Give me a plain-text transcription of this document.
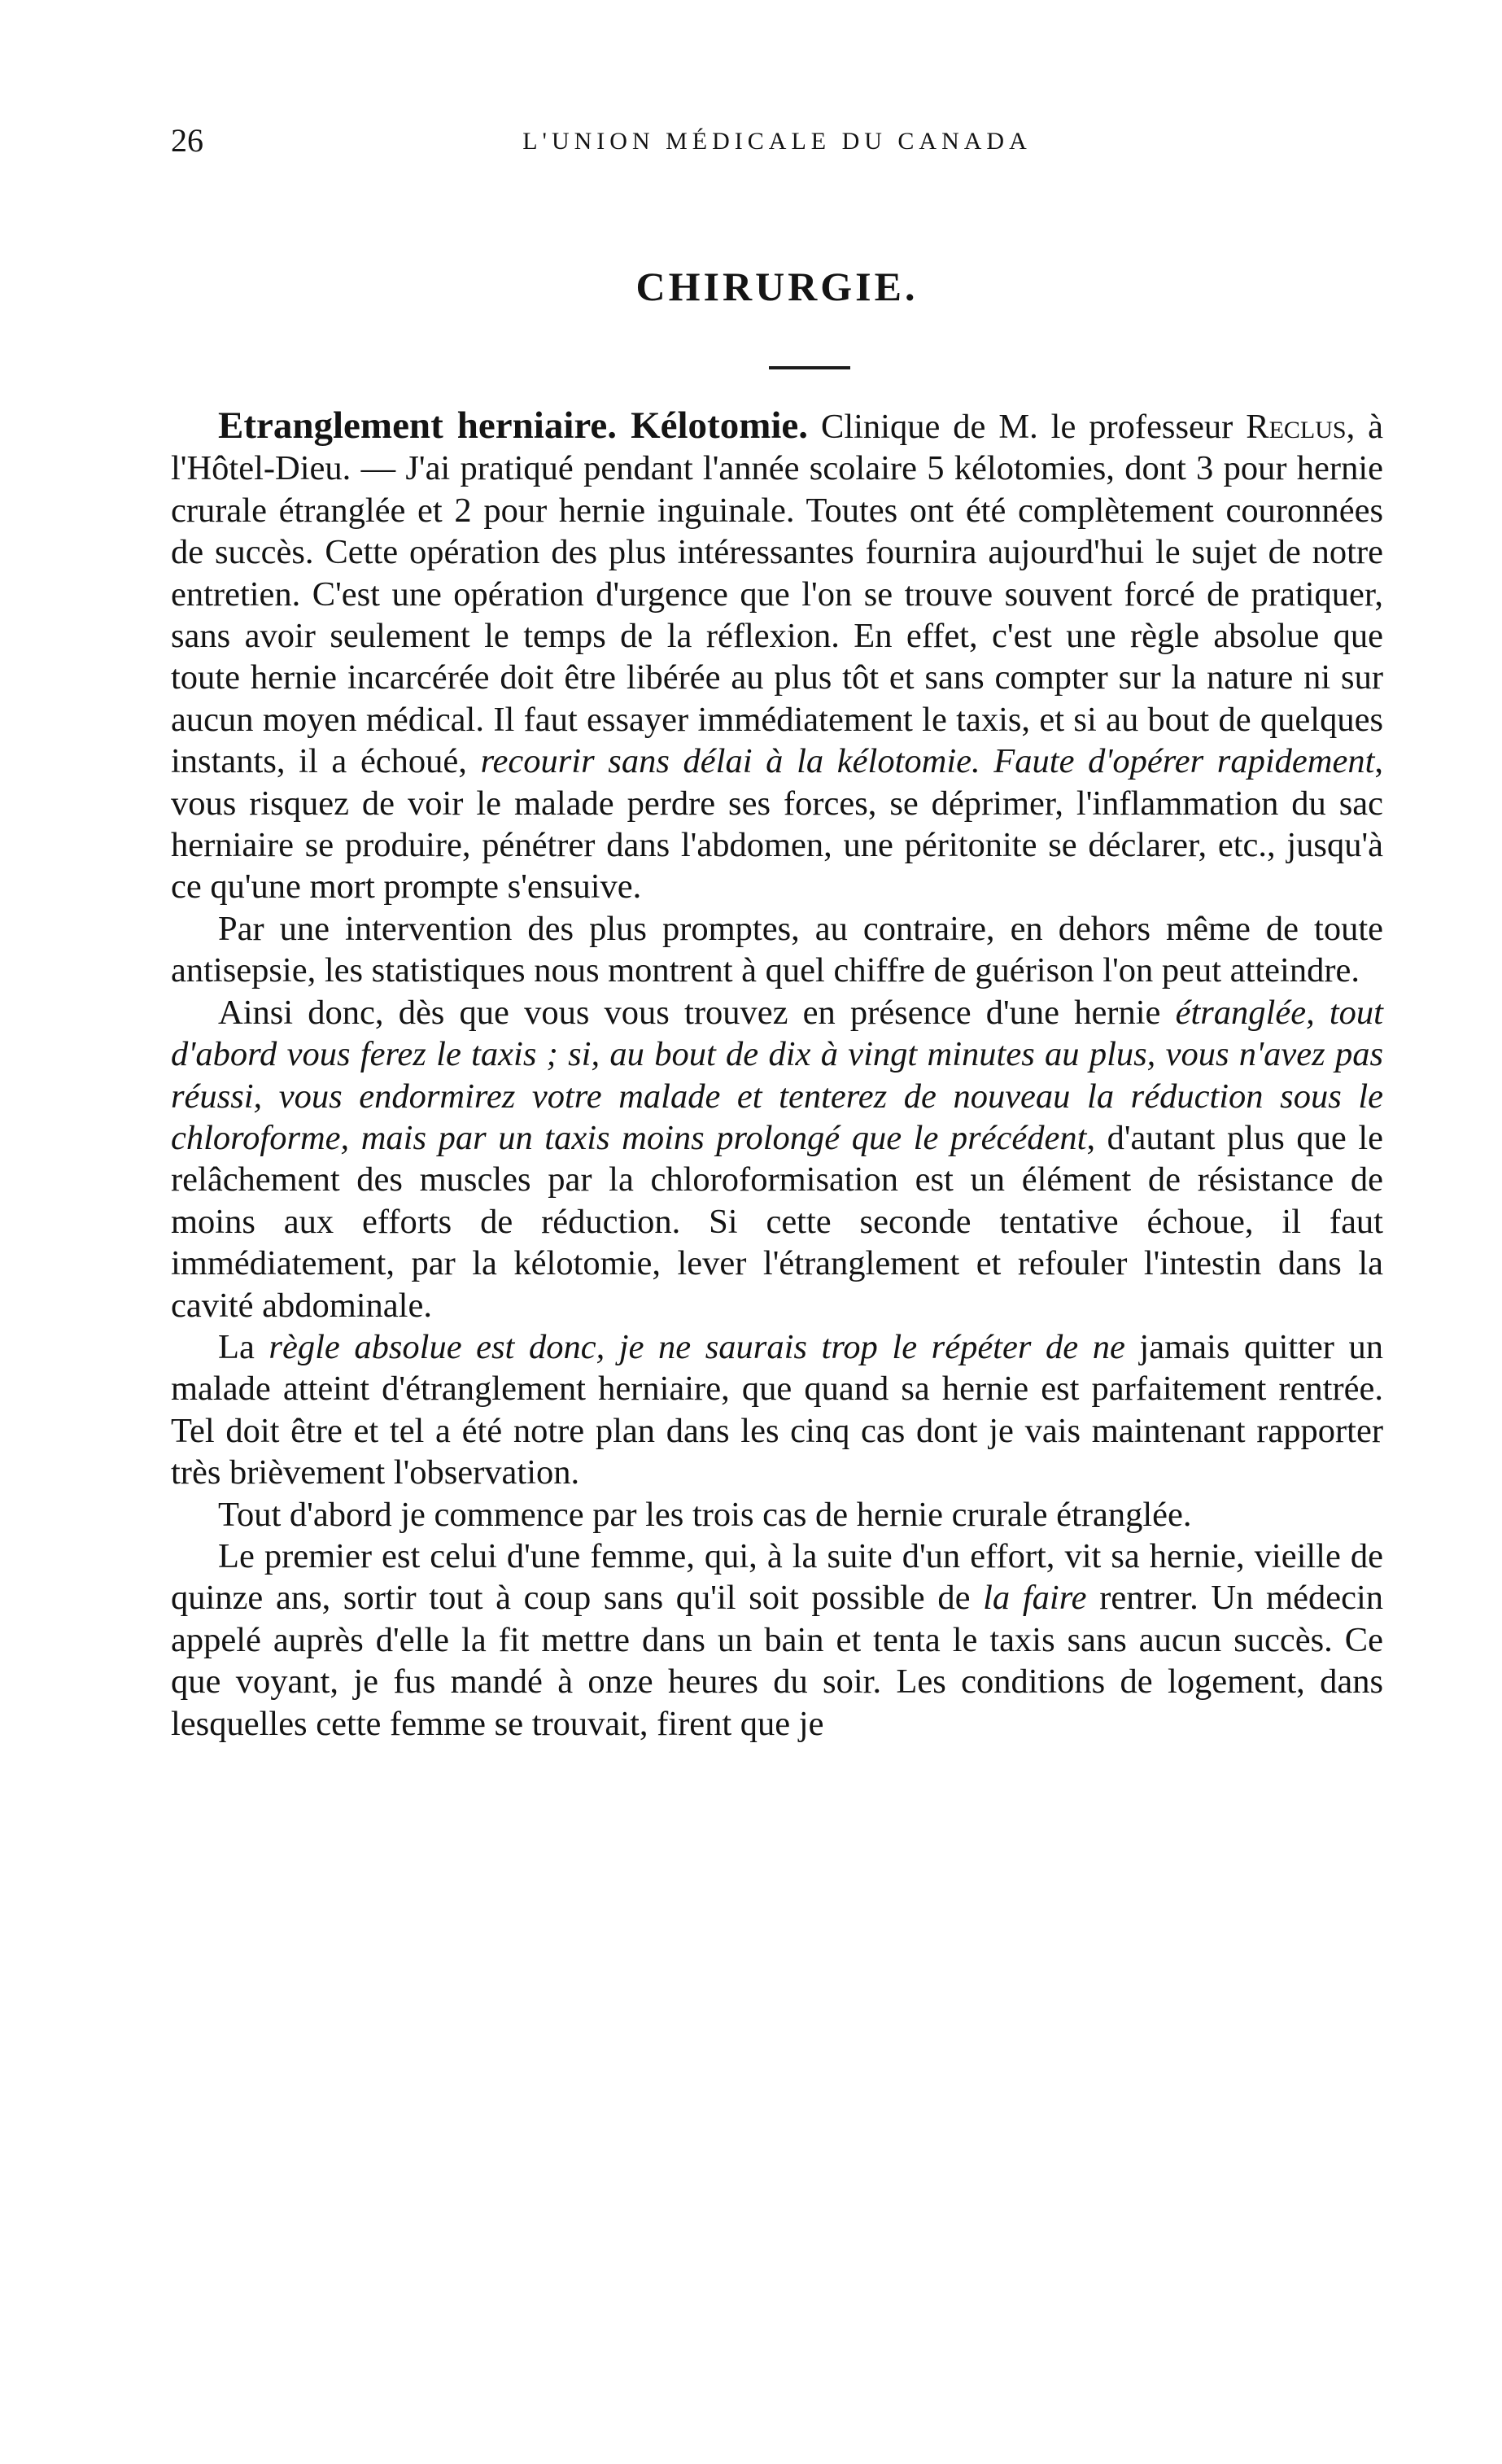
26	L'UNION MÉDICALE DU CANADA
CHIRURGIE.

Etranglement herniaire. Kélotomie. Clinique de M. le professeur Reclus, à l'Hôtel-Dieu. — J'ai pratiqué pendant l'année scolaire 5 kélotomies, dont 3 pour hernie crurale étranglée et 2 pour hernie inguinale. Toutes ont été complètement couronnées de succès. Cette opération des plus intéressantes fournira aujourd'hui le sujet de notre entretien. C'est une opération d'urgence que l'on se trouve souvent forcé de pratiquer, sans avoir seulement le temps de la réflexion. En effet, c'est une règle absolue que toute hernie incarcérée doit être libérée au plus tôt et sans compter sur la nature ni sur aucun moyen médical. Il faut essayer immédiatement le taxis, et si au bout de quelques instants, il a échoué, recourir sans délai à la kélotomie. Faute d'opérer rapidement, vous risquez de voir le malade perdre ses forces, se déprimer, l'inflammation du sac herniaire se produire, pénétrer dans l'abdomen, une péritonite se déclarer, etc., jusqu'à ce qu'une mort prompte s'ensuive.

Par une intervention des plus promptes, au contraire, en dehors même de toute antisepsie, les statistiques nous montrent à quel chiffre de guérison l'on peut atteindre.

Ainsi donc, dès que vous vous trouvez en présence d'une hernie étranglée, tout d'abord vous ferez le taxis ; si, au bout de dix à vingt minutes au plus, vous n'avez pas réussi, vous endormirez votre malade et tenterez de nouveau la réduction sous le chloroforme, mais par un taxis moins prolongé que le précédent, d'autant plus que le relâchement des muscles par la chloroformisation est un élément de résistance de moins aux efforts de réduction. Si cette seconde tentative échoue, il faut immédiatement, par la kélotomie, lever l'étranglement et refouler l'intestin dans la cavité abdominale.

La règle absolue est donc, je ne saurais trop le répéter de ne jamais quitter un malade atteint d'étranglement herniaire, que quand sa hernie est parfaitement rentrée. Tel doit être et tel a été notre plan dans les cinq cas dont je vais maintenant rapporter très brièvement l'observation.

Tout d'abord je commence par les trois cas de hernie crurale étranglée.

Le premier est celui d'une femme, qui, à la suite d'un effort, vit sa hernie, vieille de quinze ans, sortir tout à coup sans qu'il soit possible de la faire rentrer. Un médecin appelé auprès d'elle la fit mettre dans un bain et tenta le taxis sans aucun succès. Ce que voyant, je fus mandé à onze heures du soir. Les conditions de logement, dans lesquelles cette femme se trouvait, firent que je
